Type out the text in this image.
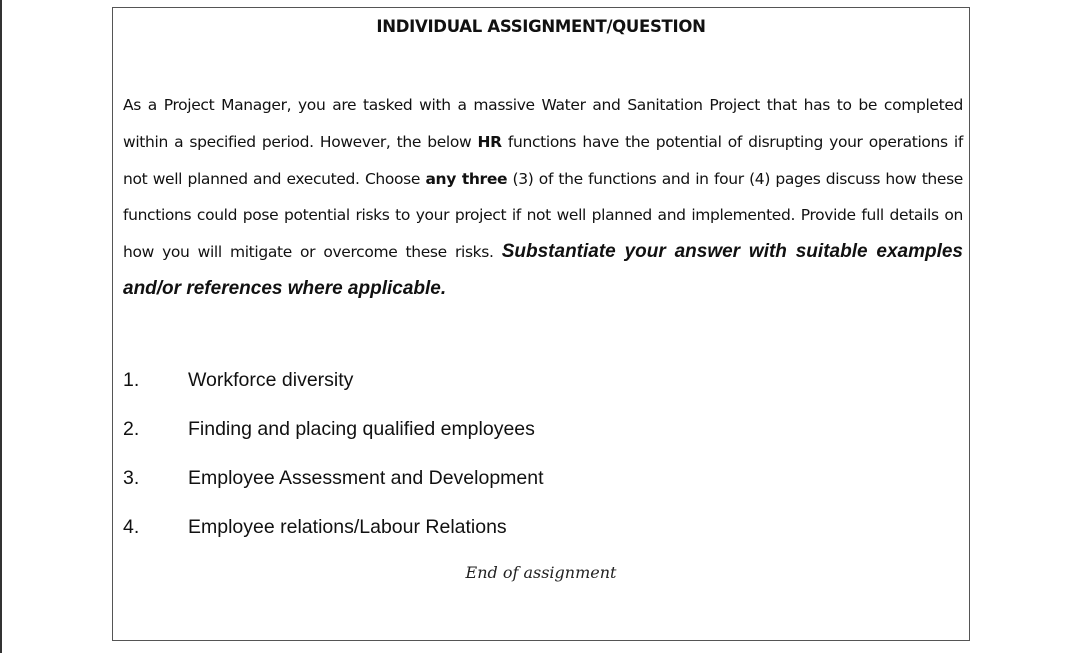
INDIVIDUAL ASSIGNMENT/QUESTION
As a Project Manager, you are tasked with a massive Water and Sanitation Project that has to be completed within a specified period. However, the below HR functions have the potential of disrupting your operations if not well planned and executed. Choose any three (3) of the functions and in four (4) pages discuss how these functions could pose potential risks to your project if not well planned and implemented. Provide full details on how you will mitigate or overcome these risks. Substantiate your answer with suitable examples and/or references where applicable.
1. Workforce diversity
2. Finding and placing qualified employees
3. Employee Assessment and Development
4. Employee relations/Labour Relations
End of assignment
